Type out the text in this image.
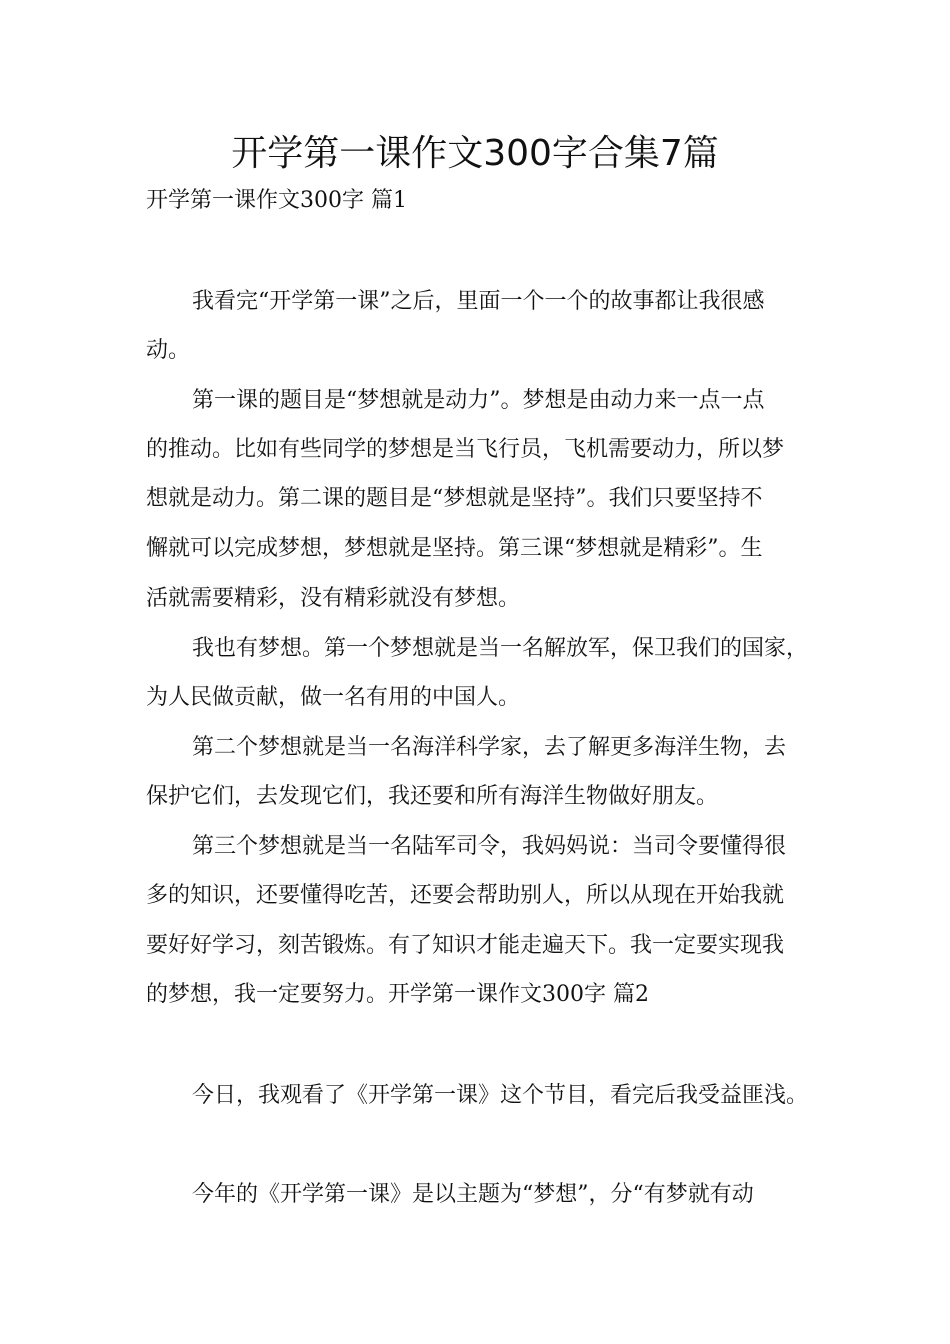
开学第一课作文300字合集7篇

开学第一课作文300字 篇1

我看完“开学第一课”之后，里面一个一个的故事都让我很感

动。

第一课的题目是“梦想就是动力”。梦想是由动力来一点一点

的推动。比如有些同学的梦想是当飞行员，飞机需要动力，所以梦

想就是动力。第二课的题目是“梦想就是坚持”。我们只要坚持不

懈就可以完成梦想，梦想就是坚持。第三课“梦想就是精彩”。生

活就需要精彩，没有精彩就没有梦想。

我也有梦想。第一个梦想就是当一名解放军，保卫我们的国家，

为人民做贡献，做一名有用的中国人。

第二个梦想就是当一名海洋科学家，去了解更多海洋生物，去

保护它们，去发现它们，我还要和所有海洋生物做好朋友。

第三个梦想就是当一名陆军司令，我妈妈说：当司令要懂得很

多的知识，还要懂得吃苦，还要会帮助别人，所以从现在开始我就

要好好学习，刻苦锻炼。有了知识才能走遍天下。我一定要实现我

的梦想，我一定要努力。开学第一课作文300字 篇2

今日，我观看了《开学第一课》这个节目，看完后我受益匪浅。

今年的《开学第一课》是以主题为“梦想”，分“有梦就有动
